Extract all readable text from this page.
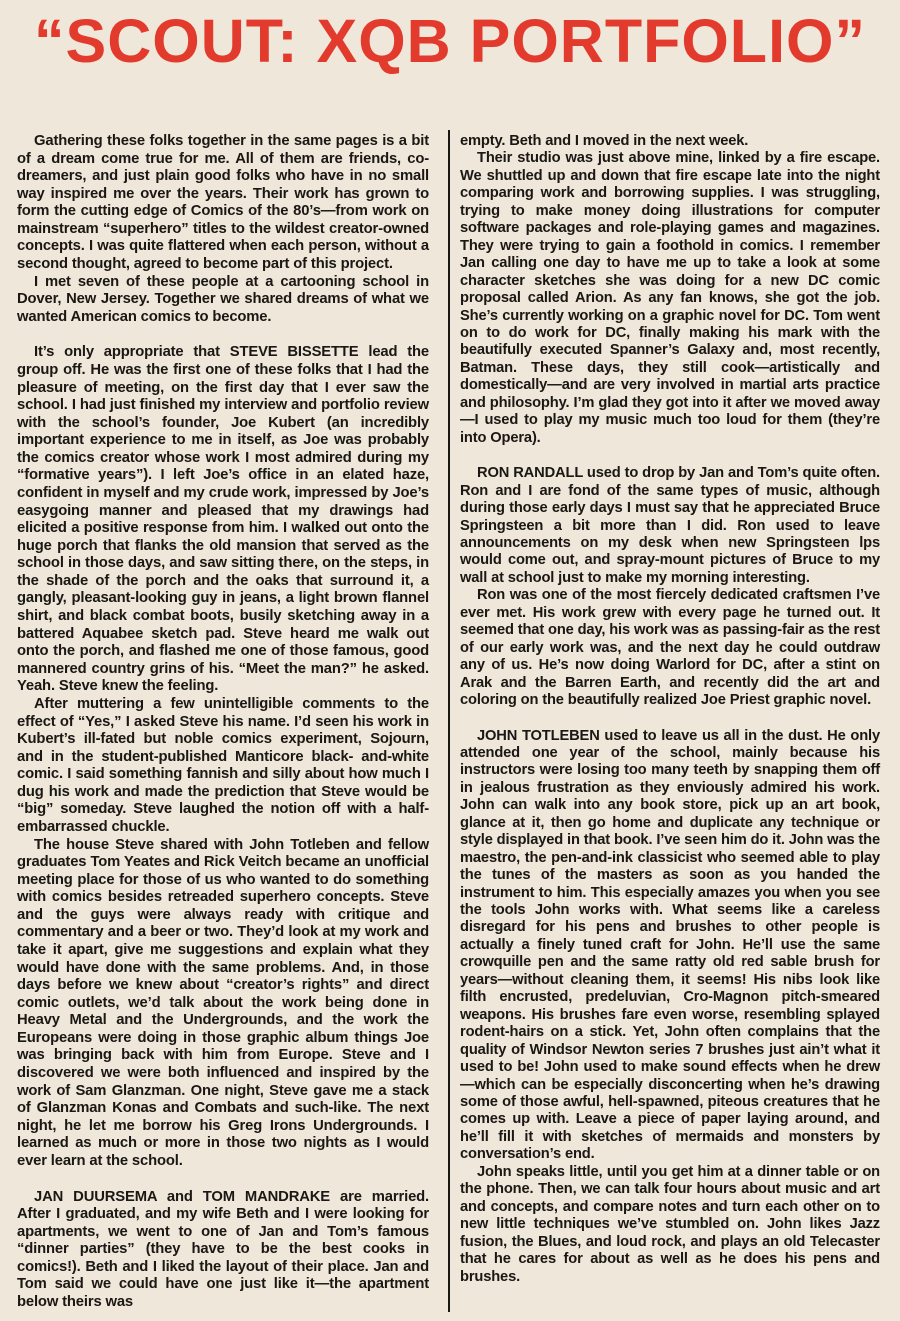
“SCOUT: XQB PORTFOLIO”

Gathering these folks together in the same pages is a bit of a dream come true for me. All of them are friends, co-dreamers, and just plain good folks who have in no small way inspired me over the years. Their work has grown to form the cutting edge of Comics of the 80’s—from work on mainstream “superhero” titles to the wildest creator-owned concepts. I was quite flattered when each person, without a second thought, agreed to become part of this project.

I met seven of these people at a cartooning school in Dover, New Jersey. Together we shared dreams of what we wanted American comics to become.

It’s only appropriate that STEVE BISSETTE lead the group off. He was the first one of these folks that I had the pleasure of meeting, on the first day that I ever saw the school. I had just finished my interview and portfolio review with the school’s founder, Joe Kubert (an incredibly important experience to me in itself, as Joe was probably the comics creator whose work I most admired during my “formative years”). I left Joe’s office in an elated haze, confident in myself and my crude work, impressed by Joe’s easygoing manner and pleased that my drawings had elicited a positive response from him. I walked out onto the huge porch that flanks the old mansion that served as the school in those days, and saw sitting there, on the steps, in the shade of the porch and the oaks that surround it, a gangly, pleasant-looking guy in jeans, a light brown flannel shirt, and black combat boots, busily sketching away in a battered Aquabee sketch pad. Steve heard me walk out onto the porch, and flashed me one of those famous, good mannered country grins of his. “Meet the man?” he asked. Yeah. Steve knew the feeling.

After muttering a few unintelligible comments to the effect of “Yes,” I asked Steve his name. I’d seen his work in Kubert’s ill-fated but noble comics experiment, Sojourn, and in the student-published Manticore black- and-white comic. I said something fannish and silly about how much I dug his work and made the prediction that Steve would be “big” someday. Steve laughed the notion off with a half-embarrassed chuckle.

The house Steve shared with John Totleben and fellow graduates Tom Yeates and Rick Veitch became an unofficial meeting place for those of us who wanted to do something with comics besides retreaded superhero concepts. Steve and the guys were always ready with critique and commentary and a beer or two. They’d look at my work and take it apart, give me suggestions and explain what they would have done with the same problems. And, in those days before we knew about “creator’s rights” and direct comic outlets, we’d talk about the work being done in Heavy Metal and the Undergrounds, and the work the Europeans were doing in those graphic album things Joe was bringing back with him from Europe. Steve and I discovered we were both influenced and inspired by the work of Sam Glanzman. One night, Steve gave me a stack of Glanzman Konas and Combats and such-like. The next night, he let me borrow his Greg Irons Undergrounds. I learned as much or more in those two nights as I would ever learn at the school.

JAN DUURSEMA and TOM MANDRAKE are married. After I graduated, and my wife Beth and I were looking for apartments, we went to one of Jan and Tom’s famous “dinner parties” (they have to be the best cooks in comics!). Beth and I liked the layout of their place. Jan and Tom said we could have one just like it—the apartment below theirs was

empty. Beth and I moved in the next week.

Their studio was just above mine, linked by a fire escape. We shuttled up and down that fire escape late into the night comparing work and borrowing supplies. I was struggling, trying to make money doing illustrations for computer software packages and role-playing games and magazines. They were trying to gain a foothold in comics. I remember Jan calling one day to have me up to take a look at some character sketches she was doing for a new DC comic proposal called Arion. As any fan knows, she got the job. She’s currently working on a graphic novel for DC. Tom went on to do work for DC, finally making his mark with the beautifully executed Spanner’s Galaxy and, most recently, Batman. These days, they still cook—artistically and domestically—and are very involved in martial arts practice and philosophy. I’m glad they got into it after we moved away—I used to play my music much too loud for them (they’re into Opera).

RON RANDALL used to drop by Jan and Tom’s quite often. Ron and I are fond of the same types of music, although during those early days I must say that he appreciated Bruce Springsteen a bit more than I did. Ron used to leave announcements on my desk when new Springsteen lps would come out, and spray-mount pictures of Bruce to my wall at school just to make my morning interesting.

Ron was one of the most fiercely dedicated craftsmen I’ve ever met. His work grew with every page he turned out. It seemed that one day, his work was as passing-fair as the rest of our early work was, and the next day he could outdraw any of us. He’s now doing Warlord for DC, after a stint on Arak and the Barren Earth, and recently did the art and coloring on the beautifully realized Joe Priest graphic novel.

JOHN TOTLEBEN used to leave us all in the dust. He only attended one year of the school, mainly because his instructors were losing too many teeth by snapping them off in jealous frustration as they enviously admired his work. John can walk into any book store, pick up an art book, glance at it, then go home and duplicate any technique or style displayed in that book. I’ve seen him do it. John was the maestro, the pen-and-ink classicist who seemed able to play the tunes of the masters as soon as you handed the instrument to him. This especially amazes you when you see the tools John works with. What seems like a careless disregard for his pens and brushes to other people is actually a finely tuned craft for John. He’ll use the same crowquille pen and the same ratty old red sable brush for years—without cleaning them, it seems! His nibs look like filth encrusted, predeluvian, Cro-Magnon pitch-smeared weapons. His brushes fare even worse, resembling splayed rodent-hairs on a stick. Yet, John often complains that the quality of Windsor Newton series 7 brushes just ain’t what it used to be! John used to make sound effects when he drew—which can be especially disconcerting when he’s drawing some of those awful, hell-spawned, piteous creatures that he comes up with. Leave a piece of paper laying around, and he’ll fill it with sketches of mermaids and monsters by conversation’s end.

John speaks little, until you get him at a dinner table or on the phone. Then, we can talk four hours about music and art and concepts, and compare notes and turn each other on to new little techniques we’ve stumbled on. John likes Jazz fusion, the Blues, and loud rock, and plays an old Telecaster that he cares for about as well as he does his pens and brushes.
